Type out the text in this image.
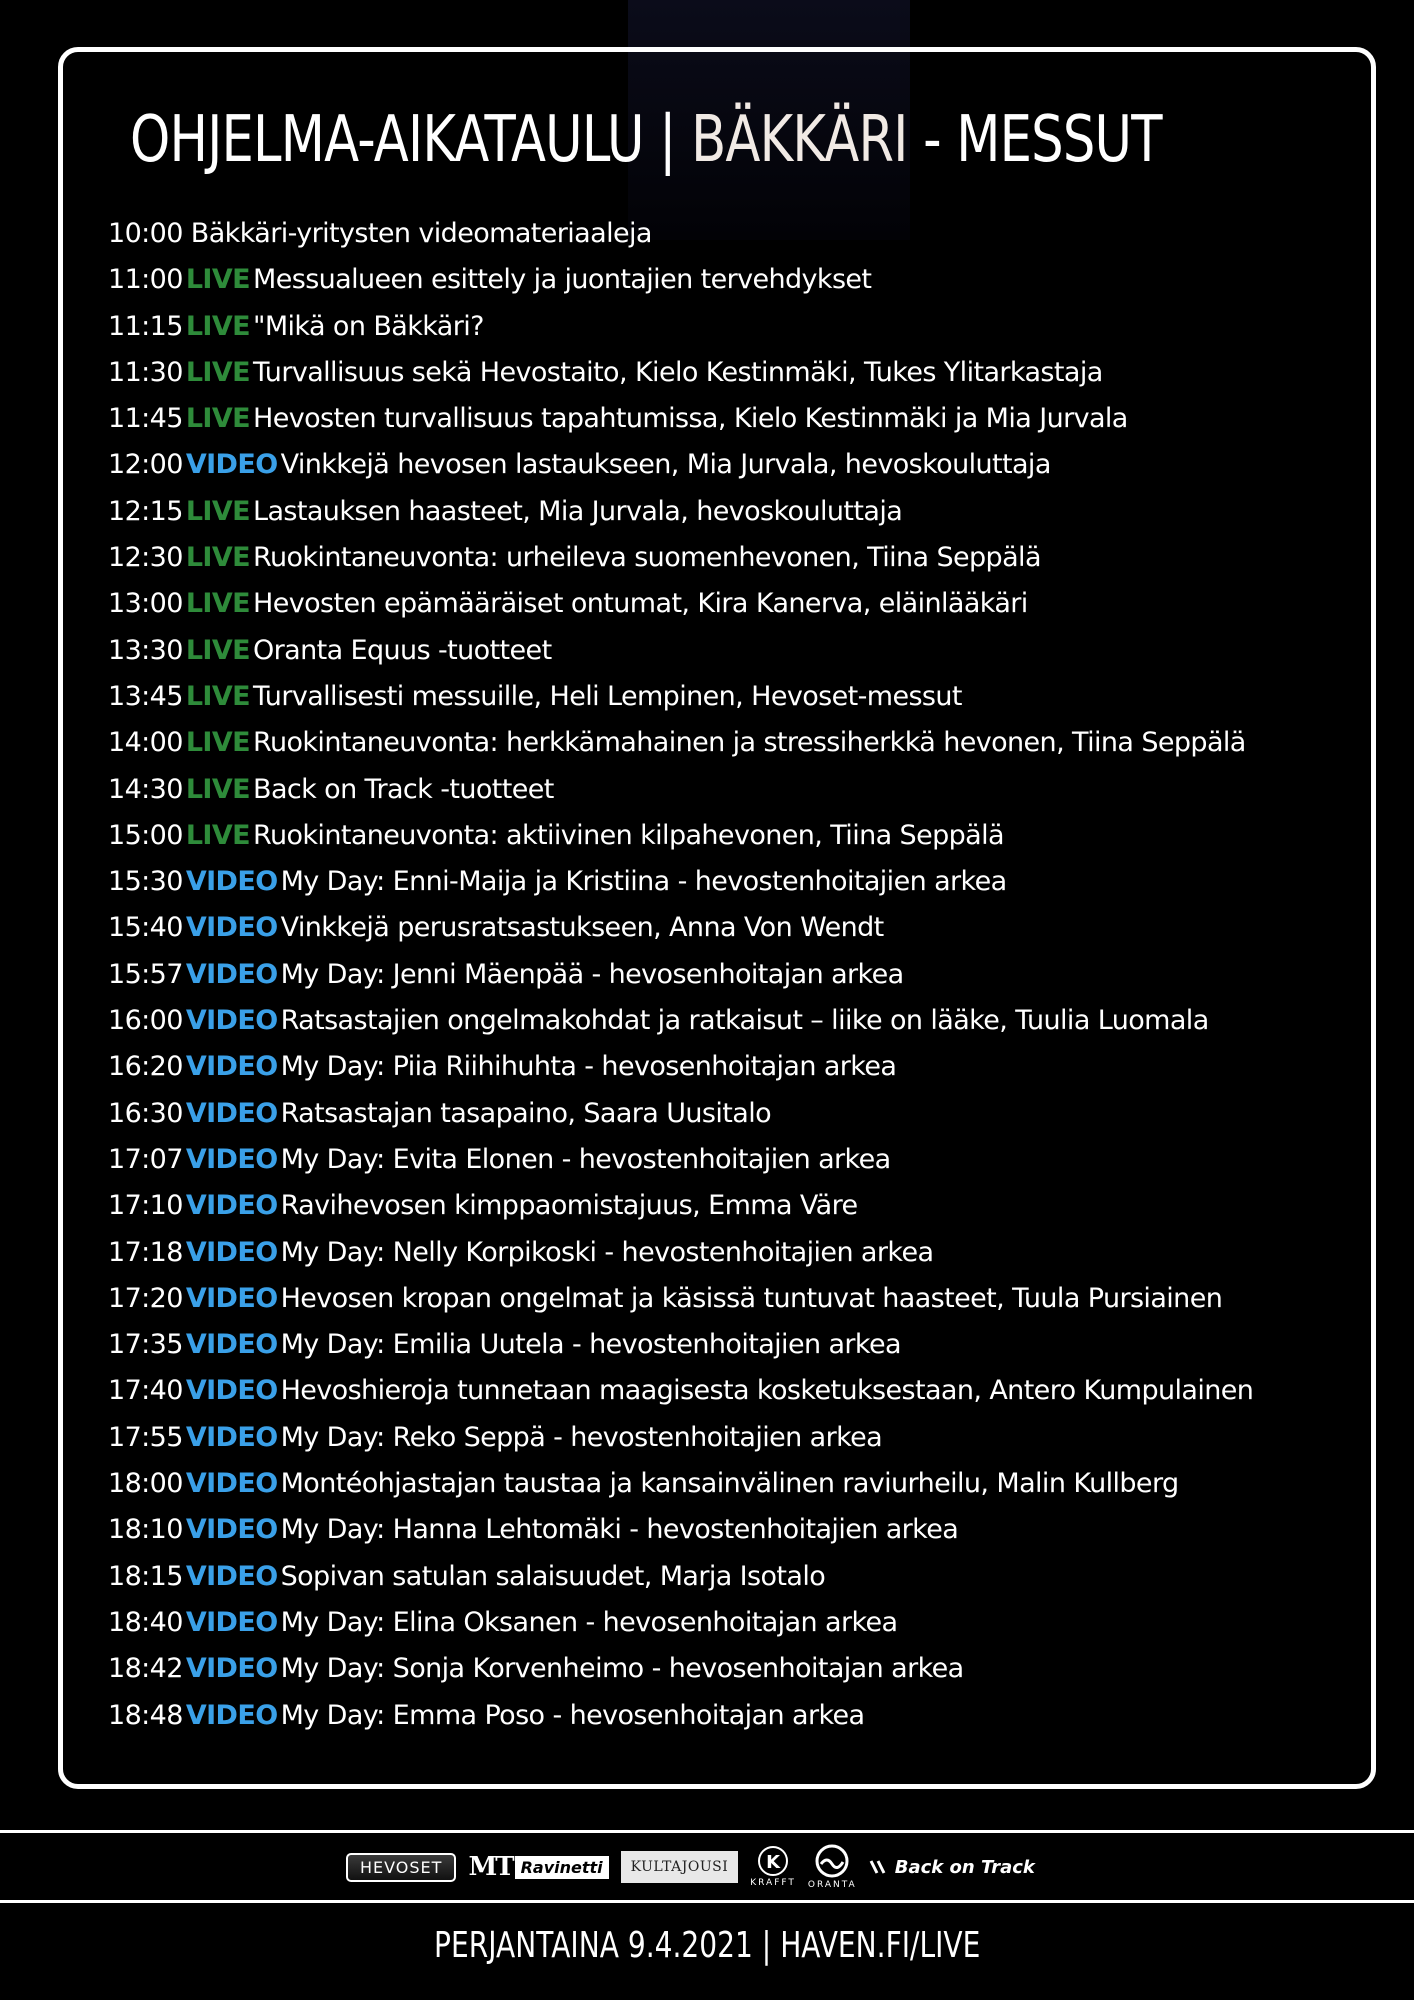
OHJELMA-AIKATAULU | BÄKKÄRI - MESSUT
10:00 Bäkkäri-yritysten videomateriaaleja
11:00 LIVE Messualueen esittely ja juontajien tervehdykset
11:15 LIVE "Mikä on Bäkkäri?
11:30 LIVE Turvallisuus sekä Hevostaito, Kielo Kestinmäki, Tukes Ylitarkastaja
11:45 LIVE Hevosten turvallisuus tapahtumissa, Kielo Kestinmäki ja Mia Jurvala
12:00 VIDEO Vinkkejä hevosen lastaukseen, Mia Jurvala, hevoskouluttaja
12:15 LIVE Lastauksen haasteet, Mia Jurvala, hevoskouluttaja
12:30 LIVE Ruokintaneuvonta: urheileva suomenhevonen, Tiina Seppälä
13:00 LIVE Hevosten epämääräiset ontumat, Kira Kanerva, eläinlääkäri
13:30 LIVE Oranta Equus -tuotteet
13:45 LIVE Turvallisesti messuille, Heli Lempinen, Hevoset-messut
14:00 LIVE Ruokintaneuvonta: herkkämahainen ja stressiherkkä hevonen, Tiina Seppälä
14:30 LIVE Back on Track -tuotteet
15:00 LIVE Ruokintaneuvonta: aktiivinen kilpahevonen, Tiina Seppälä
15:30 VIDEO My Day: Enni-Maija ja Kristiina - hevostenhoitajien arkea
15:40 VIDEO Vinkkejä perusratsastukseen, Anna Von Wendt
15:57 VIDEO My Day: Jenni Mäenpää - hevosenhoitajan arkea
16:00 VIDEO Ratsastajien ongelmakohdat ja ratkaisut – liike on lääke, Tuulia Luomala
16:20 VIDEO My Day: Piia Riihihuhta - hevosenhoitajan arkea
16:30 VIDEO Ratsastajan tasapaino, Saara Uusitalo
17:07 VIDEO My Day: Evita Elonen - hevostenhoitajien arkea
17:10 VIDEO Ravihevosen kimppaomistajuus, Emma Väre
17:18 VIDEO My Day: Nelly Korpikoski - hevostenhoitajien arkea
17:20 VIDEO Hevosen kropan ongelmat ja käsissä tuntuvat haasteet, Tuula Pursiainen
17:35 VIDEO My Day: Emilia Uutela - hevostenhoitajien arkea
17:40 VIDEO Hevoshieroja tunnetaan maagisesta kosketuksestaan, Antero Kumpulainen
17:55 VIDEO My Day: Reko Seppä - hevostenhoitajien arkea
18:00 VIDEO Montéohjastajan taustaa ja kansainvälinen raviurheilu, Malin Kullberg
18:10 VIDEO My Day: Hanna Lehtomäki - hevostenhoitajien arkea
18:15 VIDEO Sopivan satulan salaisuudet, Marja Isotalo
18:40 VIDEO My Day: Elina Oksanen - hevosenhoitajan arkea
18:42 VIDEO My Day: Sonja Korvenheimo - hevosenhoitajan arkea
18:48 VIDEO My Day: Emma Poso - hevosenhoitajan arkea
HEVOSET	MT Ravinetti	KULTAJOUSI	K
KRAFFT ORANTA
Back on Track
PERJANTAINA 9.4.2021 | HAVEN.FI/LIVE
